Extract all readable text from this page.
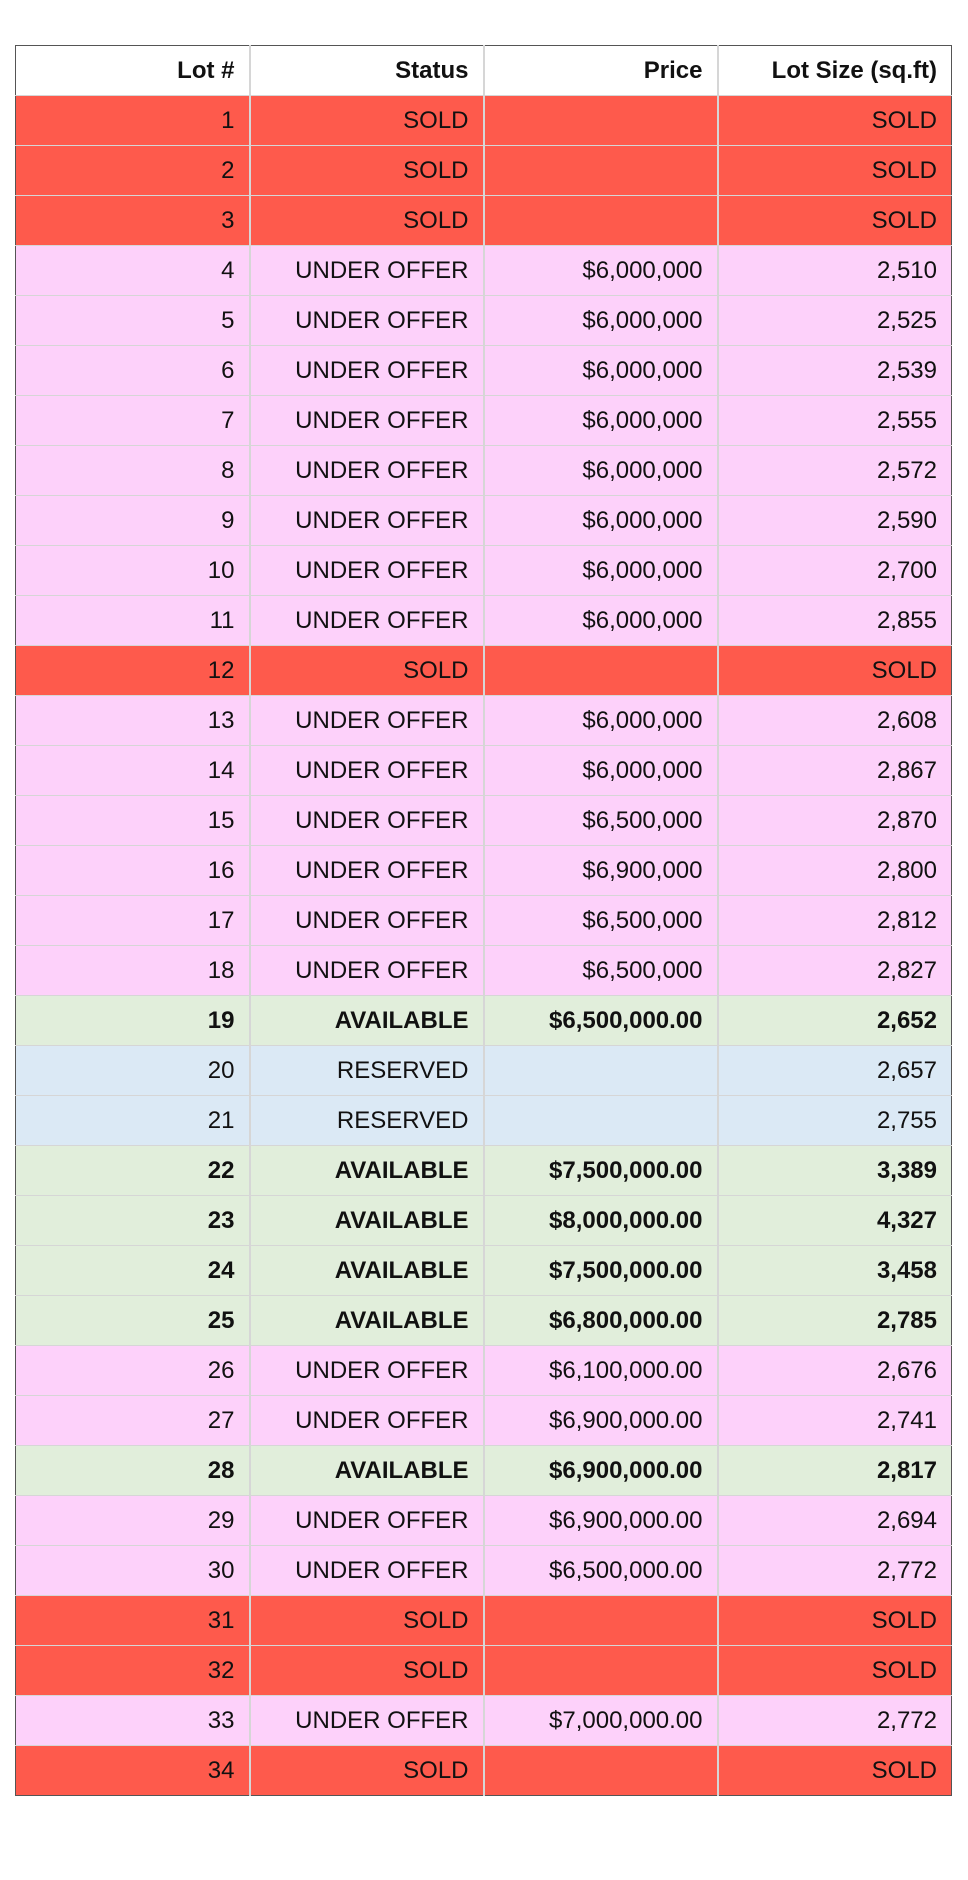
Lot #	Status	Price	Lot Size (sq.ft)
1	SOLD		SOLD
2	SOLD		SOLD
3	SOLD		SOLD
4	UNDER OFFER	$6,000,000	2,510
5	UNDER OFFER	$6,000,000	2,525
6	UNDER OFFER	$6,000,000	2,539
7	UNDER OFFER	$6,000,000	2,555
8	UNDER OFFER	$6,000,000	2,572
9	UNDER OFFER	$6,000,000	2,590
10	UNDER OFFER	$6,000,000	2,700
11	UNDER OFFER	$6,000,000	2,855
12	SOLD		SOLD
13	UNDER OFFER	$6,000,000	2,608
14	UNDER OFFER	$6,000,000	2,867
15	UNDER OFFER	$6,500,000	2,870
16	UNDER OFFER	$6,900,000	2,800
17	UNDER OFFER	$6,500,000	2,812
18	UNDER OFFER	$6,500,000	2,827
19	AVAILABLE	$6,500,000.00	2,652
20	RESERVED		2,657
21	RESERVED		2,755
22	AVAILABLE	$7,500,000.00	3,389
23	AVAILABLE	$8,000,000.00	4,327
24	AVAILABLE	$7,500,000.00	3,458
25	AVAILABLE	$6,800,000.00	2,785
26	UNDER OFFER	$6,100,000.00	2,676
27	UNDER OFFER	$6,900,000.00	2,741
28	AVAILABLE	$6,900,000.00	2,817
29	UNDER OFFER	$6,900,000.00	2,694
30	UNDER OFFER	$6,500,000.00	2,772
31	SOLD		SOLD
32	SOLD		SOLD
33	UNDER OFFER	$7,000,000.00	2,772
34	SOLD		SOLD
